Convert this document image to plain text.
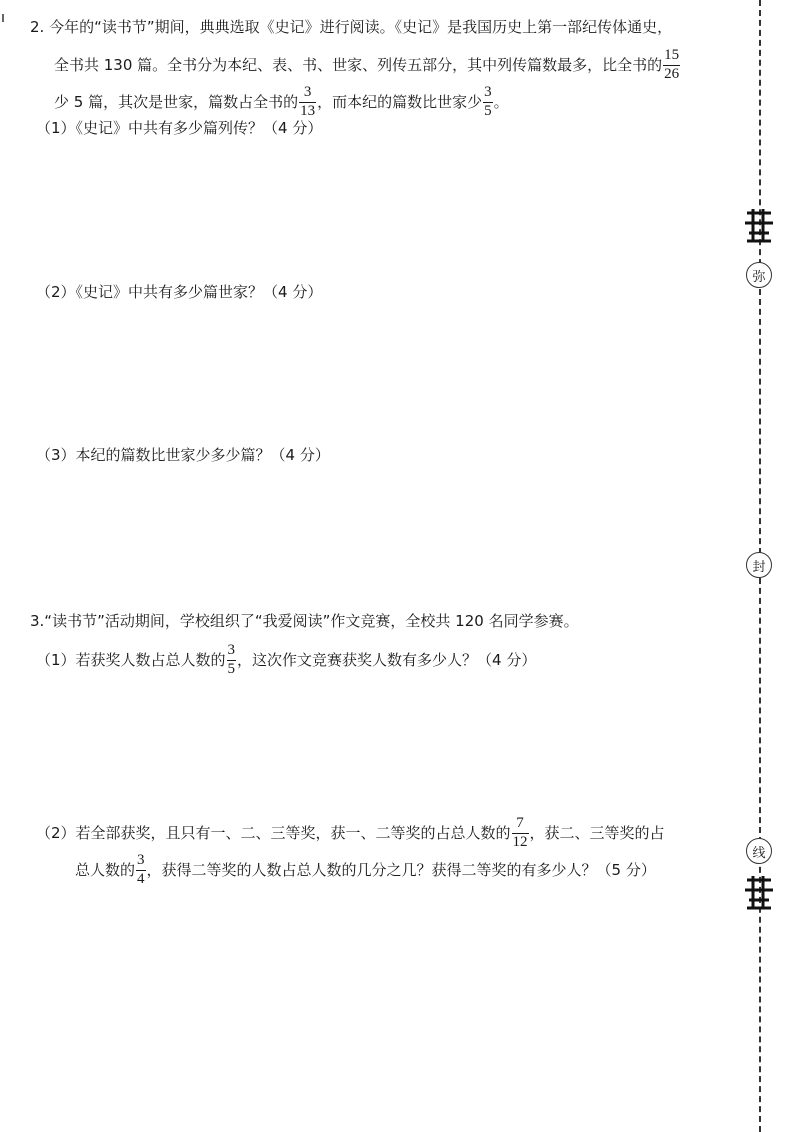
2. 今年的“读书节”期间，典典选取《史记》进行阅读。《史记》是我国历史上第一部纪传体通史，
全书共 130 篇。全书分为本纪、表、书、世家、列传五部分，其中列传篇数最多，比全书的 $\frac{15}{26}$
少 5 篇，其次是世家，篇数占全书的 $\frac{3}{13}$ ，而本纪的篇数比世家少 $\frac{3}{5}$ 。
（1）《史记》中共有多少篇列传？（4 分）
（2）《史记》中共有多少篇世家？（4 分）
（3）本纪的篇数比世家少多少篇？（4 分）
3.“读书节”活动期间，学校组织了“我爱阅读”作文竞赛，全校共 120 名同学参赛。
（1）若获奖人数占总人数的 $\frac{3}{5}$ ，这次作文竞赛获奖人数有多少人？（4 分）
（2）若全部获奖，且只有一、二、三等奖，获一、二等奖的占总人数的 $\frac{7}{12}$ ，获二、三等奖的占
总人数的 $\frac{3}{4}$ ，获得二等奖的人数占总人数的几分之几？获得二等奖的有多少人？（5 分）
弥
封
线
